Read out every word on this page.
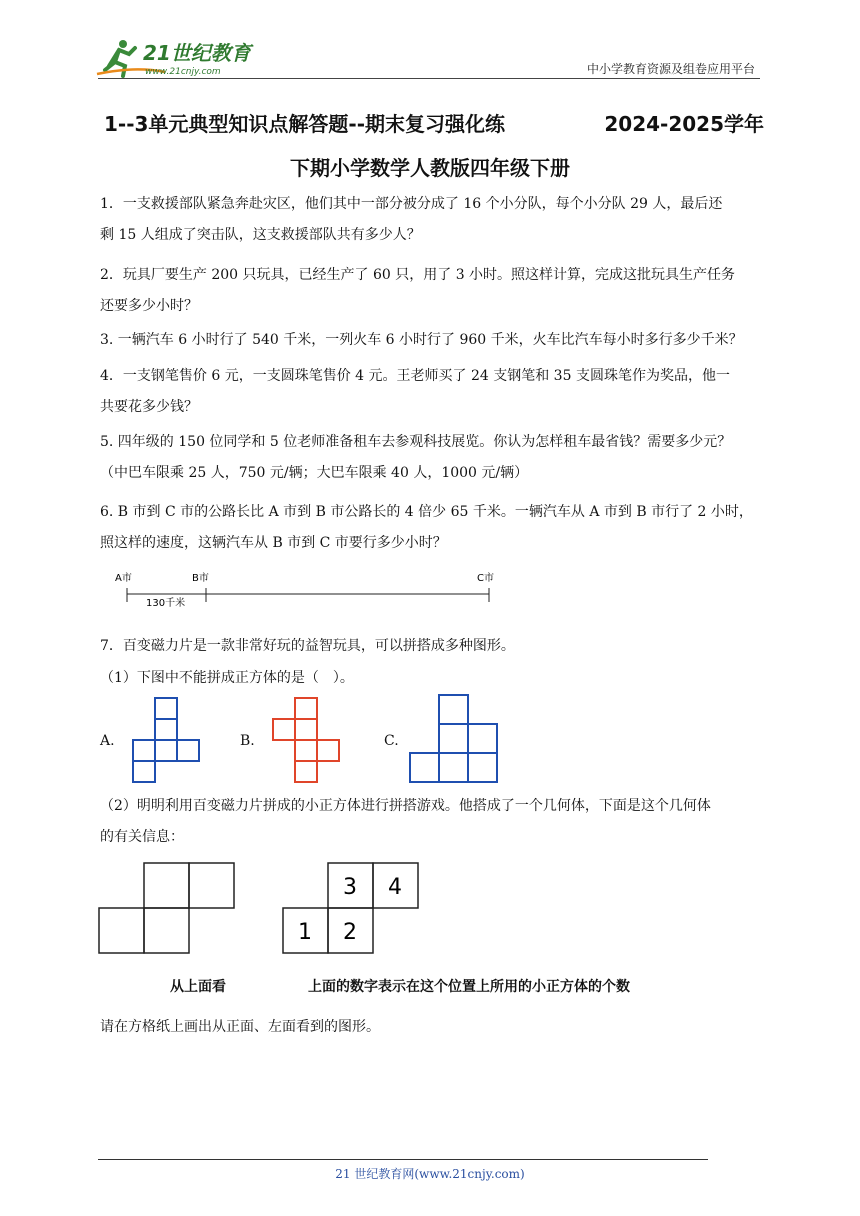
21世纪教育
www.21cnjy.com	中小学教育资源及组卷应用平台
1--3单元典型知识点解答题--期末复习强化练	2024-2025学年
下期小学数学人教版四年级下册

1．一支救援部队紧急奔赴灾区，他们其中一部分被分成了 16 个小分队，每个小分队 29 人，最后还

剩 15 人组成了突击队，这支救援部队共有多少人？

2．玩具厂要生产 200 只玩具，已经生产了 60 只，用了 3 小时。照这样计算，完成这批玩具生产任务

还要多少小时？

3. 一辆汽车 6 小时行了 540 千米，一列火车 6 小时行了 960 千米，火车比汽车每小时多行多少千米？

4．一支钢笔售价 6 元，一支圆珠笔售价 4 元。王老师买了 24 支钢笔和 35 支圆珠笔作为奖品，他一

共要花多少钱？

5. 四年级的 150 位同学和 5 位老师准备租车去参观科技展览。你认为怎样租车最省钱？需要多少元？

（中巴车限乘 25 人，750 元/辆；大巴车限乘 40 人，1000 元/辆）

6. B 市到 C 市的公路长比 A 市到 B 市公路长的 4 倍少 65 千米。一辆汽车从 A 市到 B 市行了 2 小时，

照这样的速度，这辆汽车从 B 市到 C 市要行多少小时？

A市	B市	C市
130千米
7．百变磁力片是一款非常好玩的益智玩具，可以拼搭成多种图形。
（1）下图中不能拼成正方体的是（　）。
A.	B.	C.

（2）明明利用百变磁力片拼成的小正方体进行拼搭游戏。他搭成了一个几何体，下面是这个几何体

的有关信息：

3 4
1 2
从上面看	上面的数字表示在这个位置上所用的小正方体的个数
请在方格纸上画出从正面、左面看到的图形。
21 世纪教育网(www.21cnjy.com)
